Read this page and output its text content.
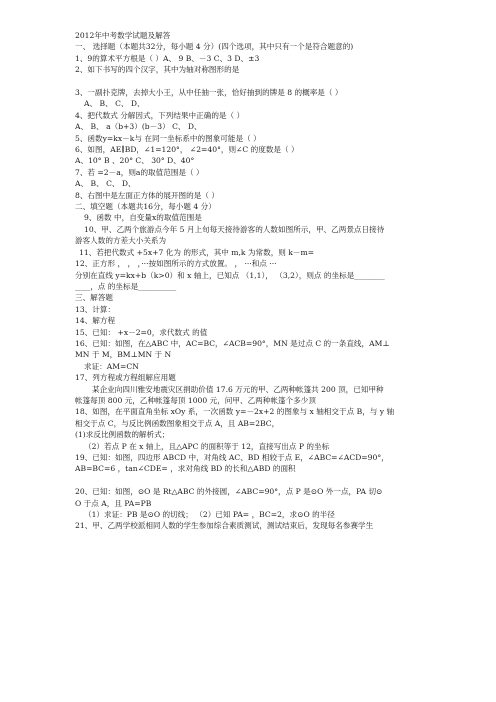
2012年中考数学试题及解答
一、 选择题（本题共32分，每小题 4 分）(四个选项，其中只有一个是符合题意的)
1、9的算术平方根是（ ）A、 9 B、－3 C、3 D、±3
2、如下书写的四个汉字，其中为轴对称图形的是
3、一副扑克牌，去掉大小王，从中任抽一张，恰好抽到的牌是 8 的概率是（ ）
A、 B、 C、 D、
4、把代数式 分解因式，下列结果中正确的是（ ）
A、 B、 a（b+3）(b－3） C、 D、
5、函数y=kx－k与 在同一坐标系中的图象可能是（ ）
6、如图，AE∥BD，∠1=120°， ∠2=40°，则∠C 的度数是（ ）
A、10° B 、20° C、 30° D、40°
7、若 =2－a，则a的取值范围是（ ）
A、 B、 C、 D、
8、右图中是左面正方体的展开图的是（ ）
二、填空题（本题共16分，每小题 4 分）
9、函数 中，自变量x的取值范围是
10、甲、乙两个旅游点今年 5 月上旬每天接待游客的人数如图所示，甲、乙两景点日接待
游客人数的方差大小关系为
11、若把代数式 +5x+7 化为 的形式，其中 m,k 为常数，则 k－m=
12、正方形 ， ， ，···按如图所示的方式放置。 ， ···和点 ···
分别在直线 y=kx+b（k>0）和 x 轴上，已知点 （1,1）， （3,2），则点 的坐标是________
____，点 的坐标是__________
三、解答题
13、计算：
14、解方程
15、已知： +x－2=0，求代数式 的值
16、已知：如图，在△ABC 中，AC=BC，∠ACB=90°，MN 是过点 C 的一条直线，AM⊥
MN 于 M，BM⊥MN 于 N
求证：AM=CN
17、列方程或方程组解应用题
某企业向四川雅安地震灾区捐助价值 17.6 万元的甲、乙两种帐篷共 200 顶，已知甲种
帐篷每顶 800 元，乙种帐篷每顶 1000 元，问甲、乙两种帐篷个多少顶
18、如图，在平面直角坐标 xOy 系，一次函数 y=－2x+2 的图象与 x 轴相交于点 B，与 y 轴
相交于点 C，与反比例函数图象相交于点 A，且 AB=2BC，
(1)求反比例函数的解析式；
（2）若点 P 在 x 轴上，且△APC 的面积等于 12，直接写出点 P 的坐标
19、已知：如图，四边形 ABCD 中，对角线 AC、BD 相较于点 E，∠ABC=∠ACD=90°，
AB=BC=6 ，tan∠CDE= ，求对角线 BD 的长和△ABD 的面积
20、已知：如图，⊙O 是 Rt△ABC 的外接圆，∠ABC=90°，点 P 是⊙O 外一点，PA 切⊙
O 于点 A，且 PA=PB
（1）求证：PB 是⊙O 的切线； （2）已知 PA= ，BC=2，求⊙O 的半径
21、甲、乙两学校派相同人数的学生参加综合素质测试，测试结束后，发现每名参赛学生
